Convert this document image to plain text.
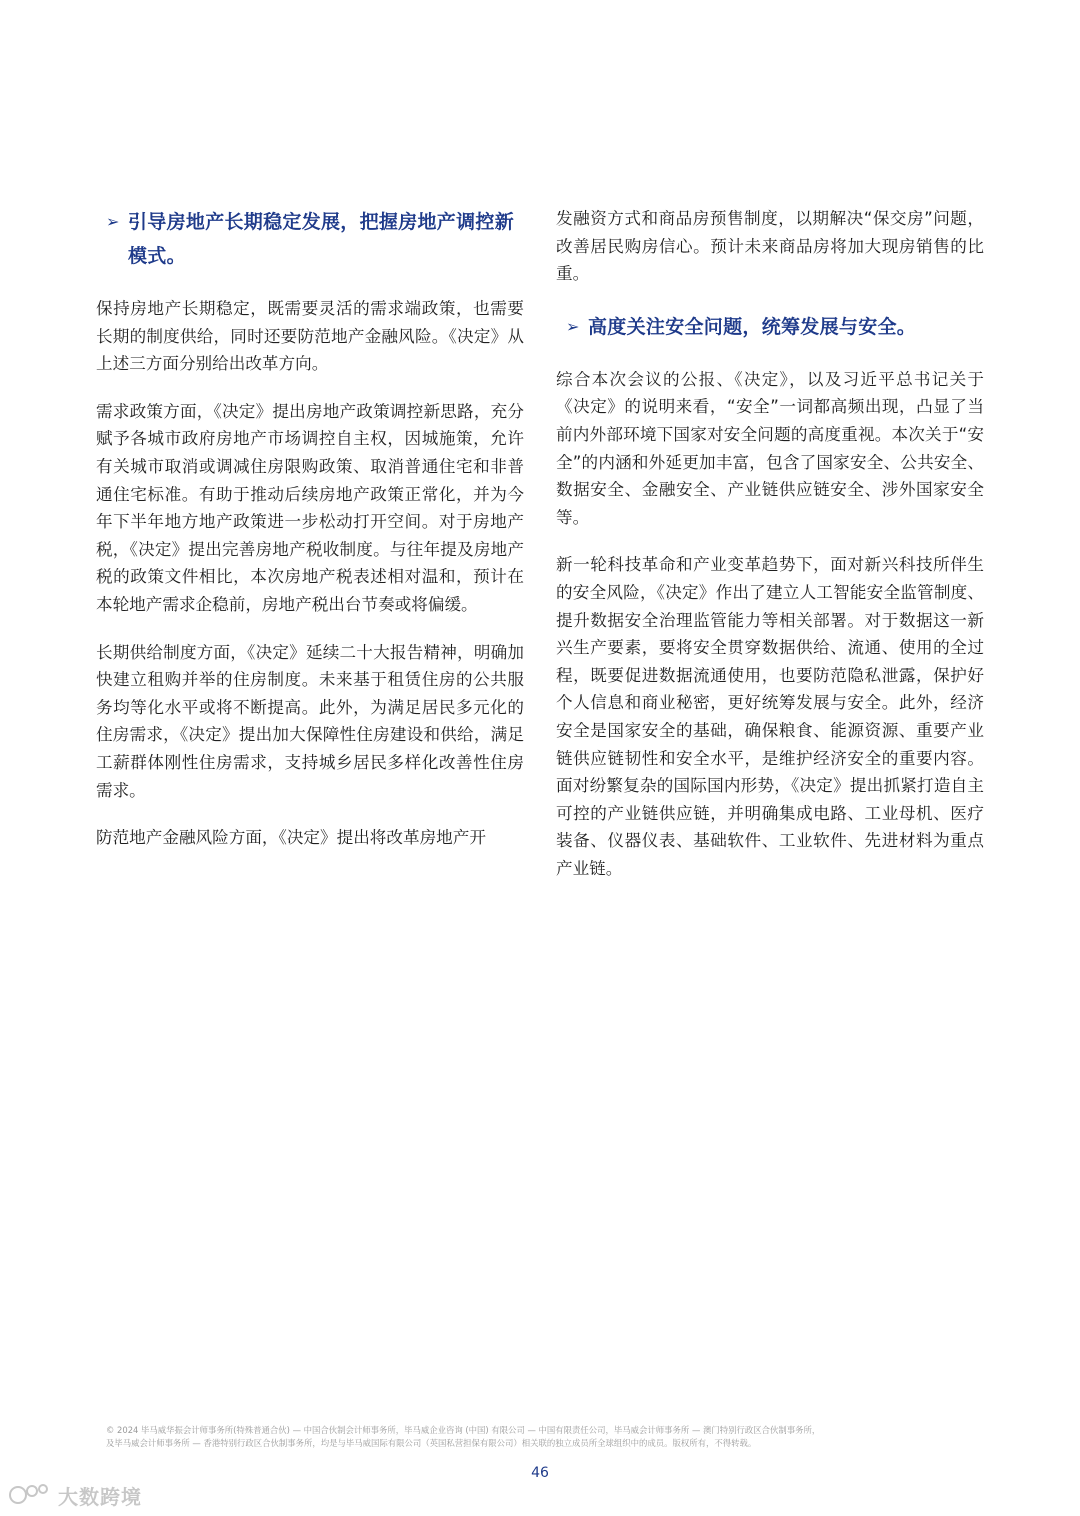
➢ 引导房地产长期稳定发展，把握房地产调控新模式。

保持房地产长期稳定，既需要灵活的需求端政策，也需要长期的制度供给，同时还要防范地产金融风险。《决定》从上述三方面分别给出改革方向。

需求政策方面，《决定》提出房地产政策调控新思路，充分赋予各城市政府房地产市场调控自主权，因城施策，允许有关城市取消或调减住房限购政策、取消普通住宅和非普通住宅标准。有助于推动后续房地产政策正常化，并为今年下半年地方地产政策进一步松动打开空间。对于房地产税，《决定》提出完善房地产税收制度。与往年提及房地产税的政策文件相比，本次房地产税表述相对温和，预计在本轮地产需求企稳前，房地产税出台节奏或将偏缓。

长期供给制度方面，《决定》延续二十大报告精神，明确加快建立租购并举的住房制度。未来基于租赁住房的公共服务均等化水平或将不断提高。此外，为满足居民多元化的住房需求，《决定》提出加大保障性住房建设和供给，满足工薪群体刚性住房需求，支持城乡居民多样化改善性住房需求。

防范地产金融风险方面，《决定》提出将改革房地产开

发融资方式和商品房预售制度，以期解决“保交房”问题，改善居民购房信心。预计未来商品房将加大现房销售的比重。

➢ 高度关注安全问题，统筹发展与安全。

综合本次会议的公报、《决定》，以及习近平总书记关于《决定》的说明来看，“安全”一词都高频出现，凸显了当前内外部环境下国家对安全问题的高度重视。本次关于“安全”的内涵和外延更加丰富，包含了国家安全、公共安全、数据安全、金融安全、产业链供应链安全、涉外国家安全等。

新一轮科技革命和产业变革趋势下，面对新兴科技所伴生的安全风险，《决定》作出了建立人工智能安全监管制度、提升数据安全治理监管能力等相关部署。对于数据这一新兴生产要素，要将安全贯穿数据供给、流通、使用的全过程，既要促进数据流通使用，也要防范隐私泄露，保护好个人信息和商业秘密，更好统筹发展与安全。此外，经济安全是国家安全的基础，确保粮食、能源资源、重要产业链供应链韧性和安全水平，是维护经济安全的重要内容。面对纷繁复杂的国际国内形势，《决定》提出抓紧打造自主可控的产业链供应链，并明确集成电路、工业母机、医疗装备、仪器仪表、基础软件、工业软件、先进材料为重点产业链。

© 2024 毕马威华振会计师事务所(特殊普通合伙) — 中国合伙制会计师事务所，毕马威企业咨询 (中国) 有限公司 — 中国有限责任公司，毕马威会计师事务所 — 澳门特别行政区合伙制事务所，
及毕马威会计师事务所 — 香港特别行政区合伙制事务所，均是与毕马威国际有限公司（英国私营担保有限公司）相关联的独立成员所全球组织中的成员。版权所有，不得转载。
46
大数跨境
